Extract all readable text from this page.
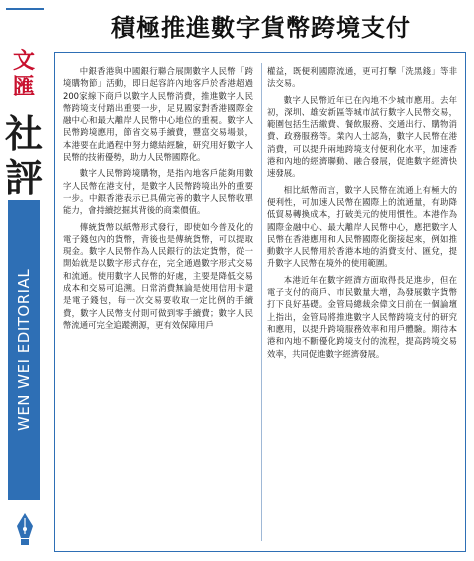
文匯
社評
WEN WEI EDITORIAL
積極推進數字貨幣跨境支付

中銀香港與中國銀行聯合展開數字人民幣「跨境購物節」活動，即日起容許內地客戶於香港超過200家線下商戶以數字人民幣消費，推進數字人民幣跨境支付踏出重要一步，足見國家對香港國際金融中心和最大離岸人民幣中心地位的重視。數字人民幣跨境應用，節省交易手續費，豐富交易場景，本港要在此過程中努力總結經驗，研究用好數字人民幣的技術優勢，助力人民幣國際化。

數字人民幣跨境購物，是指內地客戶能夠用數字人民幣在港支付，是數字人民幣跨境出外的重要一步。中銀香港表示已具備完善的數字人民幣收單能力，會持續挖掘其背後的商業價值。

傳統貨幣以紙幣形式發行，即使如今普及化的電子錢包內的貨幣，背後也是傳統貨幣，可以提取現金。數字人民幣作為人民銀行的法定貨幣，從一開始就是以數字形式存在，完全通過數字形式交易和流通。使用數字人民幣的好處，主要是降低交易成本和交易可追溯。日常消費無論是使用信用卡還是電子錢包，每一次交易要收取一定比例的手續費，數字人民幣支付則可做到零手續費；數字人民幣流通可完全追蹤溯源，更有效保障用戶

權益，既便利國際流通，更可打擊「洗黑錢」等非法交易。

數字人民幣近年已在內地不少城市應用。去年初，深圳、雄安新區等城市試行數字人民幣交易，範圍包括生活繳費、餐飲服務、交通出行、購物消費、政務服務等。業內人士認為，數字人民幣在港消費，可以提升兩地跨境支付便利化水平，加速香港和內地的經濟聯動、融合發展，促進數字經濟快速發展。

相比紙幣而言，數字人民幣在流通上有極大的便利性，可加速人民幣在國際上的流通量，有助降低貿易轉換成本，打破美元的使用慣性。本港作為國際金融中心、最大離岸人民幣中心，應把數字人民幣在香港應用和人民幣國際化銜接起來，例如推動數字人民幣用於香港本地的消費支付、匯兌，提升數字人民幣在境外的使用範圍。

本港近年在數字經濟方面取得長足進步，但在電子支付的商戶、市民數量大增，為發展數字貨幣打下良好基礎。金管局總裁余偉文日前在一個論壇上指出，金管局將推進數字人民幣跨境支付的研究和應用，以提升跨境服務效率和用戶體驗。期待本港和內地不斷優化跨境支付的流程，提高跨境交易效率，共同促進數字經濟發展。
